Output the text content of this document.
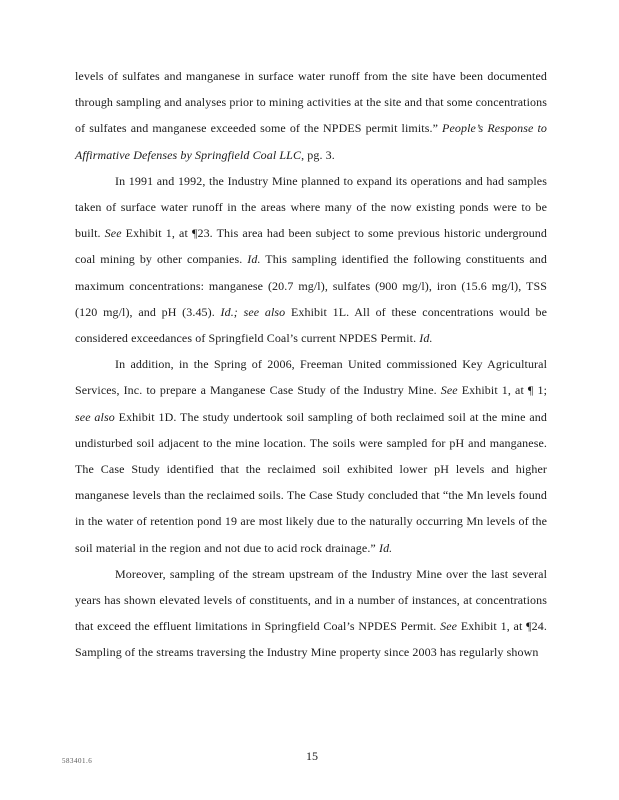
levels of sulfates and manganese in surface water runoff from the site have been documented through sampling and analyses prior to mining activities at the site and that some concentrations of sulfates and manganese exceeded some of the NPDES permit limits.” People’s Response to Affirmative Defenses by Springfield Coal LLC, pg. 3.

In 1991 and 1992, the Industry Mine planned to expand its operations and had samples taken of surface water runoff in the areas where many of the now existing ponds were to be built. See Exhibit 1, at ¶23. This area had been subject to some previous historic underground coal mining by other companies. Id. This sampling identified the following constituents and maximum concentrations: manganese (20.7 mg/l), sulfates (900 mg/l), iron (15.6 mg/l), TSS (120 mg/l), and pH (3.45). Id.; see also Exhibit 1L. All of these concentrations would be considered exceedances of Springfield Coal’s current NPDES Permit. Id.

In addition, in the Spring of 2006, Freeman United commissioned Key Agricultural Services, Inc. to prepare a Manganese Case Study of the Industry Mine. See Exhibit 1, at ¶ 1; see also Exhibit 1D. The study undertook soil sampling of both reclaimed soil at the mine and undisturbed soil adjacent to the mine location. The soils were sampled for pH and manganese. The Case Study identified that the reclaimed soil exhibited lower pH levels and higher manganese levels than the reclaimed soils. The Case Study concluded that “the Mn levels found in the water of retention pond 19 are most likely due to the naturally occurring Mn levels of the soil material in the region and not due to acid rock drainage.” Id.

Moreover, sampling of the stream upstream of the Industry Mine over the last several years has shown elevated levels of constituents, and in a number of instances, at concentrations that exceed the effluent limitations in Springfield Coal’s NPDES Permit. See Exhibit 1, at ¶24. Sampling of the streams traversing the Industry Mine property since 2003 has regularly shown

583401.6	15
